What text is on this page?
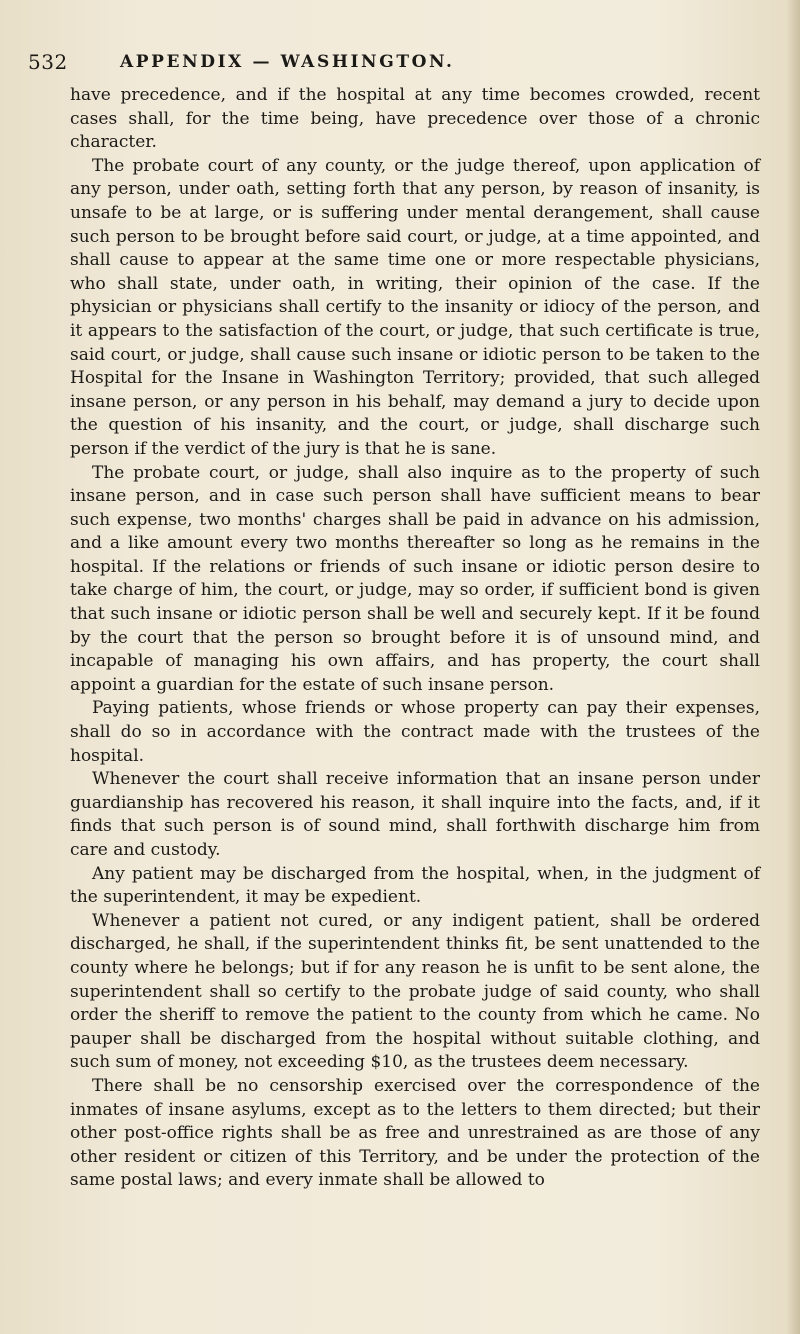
532	APPENDIX — WASHINGTON.

have precedence, and if the hospital at any time becomes crowded, recent cases shall, for the time being, have precedence over those of a chronic character.

The probate court of any county, or the judge thereof, upon application of any person, under oath, setting forth that any person, by reason of insanity, is unsafe to be at large, or is suffering under mental derangement, shall cause such person to be brought before said court, or judge, at a time appointed, and shall cause to appear at the same time one or more respectable physicians, who shall state, under oath, in writing, their opinion of the case. If the physician or physicians shall certify to the insanity or idiocy of the person, and it appears to the satisfaction of the court, or judge, that such certificate is true, said court, or judge, shall cause such insane or idiotic person to be taken to the Hospital for the Insane in Washington Territory; provided, that such alleged insane person, or any person in his behalf, may demand a jury to decide upon the question of his insanity, and the court, or judge, shall discharge such person if the verdict of the jury is that he is sane.

The probate court, or judge, shall also inquire as to the property of such insane person, and in case such person shall have sufficient means to bear such expense, two months' charges shall be paid in advance on his admission, and a like amount every two months thereafter so long as he remains in the hospital. If the relations or friends of such insane or idiotic person desire to take charge of him, the court, or judge, may so order, if sufficient bond is given that such insane or idiotic person shall be well and securely kept. If it be found by the court that the person so brought before it is of unsound mind, and incapable of managing his own affairs, and has property, the court shall appoint a guardian for the estate of such insane person.

Paying patients, whose friends or whose property can pay their expenses, shall do so in accordance with the contract made with the trustees of the hospital.

Whenever the court shall receive information that an insane person under guardianship has recovered his reason, it shall inquire into the facts, and, if it finds that such person is of sound mind, shall forthwith discharge him from care and custody.

Any patient may be discharged from the hospital, when, in the judgment of the superintendent, it may be expedient.

Whenever a patient not cured, or any indigent patient, shall be ordered discharged, he shall, if the superintendent thinks fit, be sent unattended to the county where he belongs; but if for any reason he is unfit to be sent alone, the superintendent shall so certify to the probate judge of said county, who shall order the sheriff to remove the patient to the county from which he came. No pauper shall be discharged from the hospital without suitable clothing, and such sum of money, not exceeding $10, as the trustees deem necessary.

There shall be no censorship exercised over the correspondence of the inmates of insane asylums, except as to the letters to them directed; but their other post-office rights shall be as free and unrestrained as are those of any other resident or citizen of this Territory, and be under the protection of the same postal laws; and every inmate shall be allowed to
